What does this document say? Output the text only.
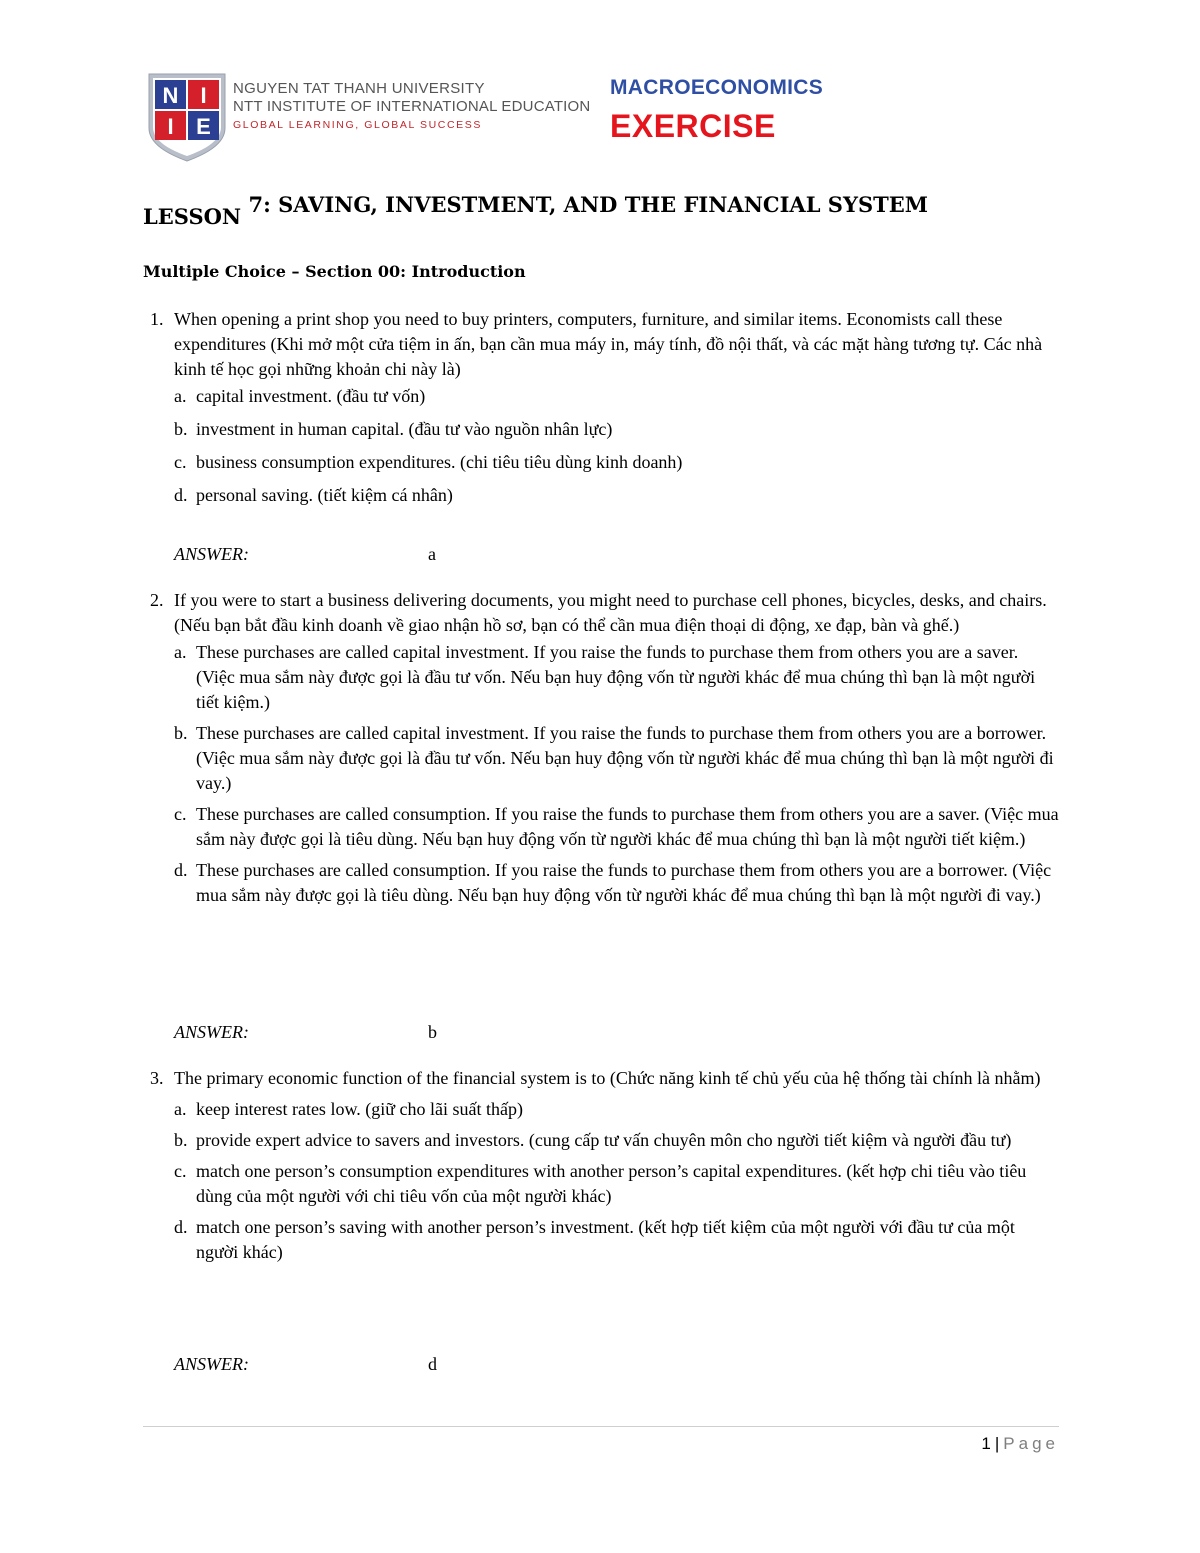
N I
I E
NGUYEN TAT THANH UNIVERSITY
NTT INSTITUTE OF INTERNATIONAL EDUCATION
GLOBAL LEARNING, GLOBAL SUCCESS
MACROECONOMICS
EXERCISE
LESSON 7: SAVING, INVESTMENT, AND THE FINANCIAL SYSTEM
Multiple Choice – Section 00: Introduction
1. When opening a print shop you need to buy printers, computers, furniture, and similar items. Economists call these expenditures (Khi mở một cửa tiệm in ấn, bạn cần mua máy in, máy tính, đồ nội thất, và các mặt hàng tương tự. Các nhà kinh tế học gọi những khoản chi này là)
a. capital investment. (đầu tư vốn)
b. investment in human capital. (đầu tư vào nguồn nhân lực)
c. business consumption expenditures. (chi tiêu tiêu dùng kinh doanh)
d. personal saving. (tiết kiệm cá nhân)
ANSWER:	a
2. If you were to start a business delivering documents, you might need to purchase cell phones, bicycles, desks, and chairs. (Nếu bạn bắt đầu kinh doanh về giao nhận hồ sơ, bạn có thể cần mua điện thoại di động, xe đạp, bàn và ghế.)
a. These purchases are called capital investment. If you raise the funds to purchase them from others you are a saver. (Việc mua sắm này được gọi là đầu tư vốn. Nếu bạn huy động vốn từ người khác để mua chúng thì bạn là một người tiết kiệm.)
b. These purchases are called capital investment. If you raise the funds to purchase them from others you are a borrower. (Việc mua sắm này được gọi là đầu tư vốn. Nếu bạn huy động vốn từ người khác để mua chúng thì bạn là một người đi vay.)
c. These purchases are called consumption. If you raise the funds to purchase them from others you are a saver. (Việc mua sắm này được gọi là tiêu dùng. Nếu bạn huy động vốn từ người khác để mua chúng thì bạn là một người tiết kiệm.)
d. These purchases are called consumption. If you raise the funds to purchase them from others you are a borrower. (Việc mua sắm này được gọi là tiêu dùng. Nếu bạn huy động vốn từ người khác để mua chúng thì bạn là một người đi vay.)
ANSWER:	b
3. The primary economic function of the financial system is to (Chức năng kinh tế chủ yếu của hệ thống tài chính là nhằm)
a. keep interest rates low. (giữ cho lãi suất thấp)
b. provide expert advice to savers and investors. (cung cấp tư vấn chuyên môn cho người tiết kiệm và người đầu tư)
c. match one person’s consumption expenditures with another person’s capital expenditures. (kết hợp chi tiêu vào tiêu dùng của một người với chi tiêu vốn của một người khác)
d. match one person’s saving with another person’s investment. (kết hợp tiết kiệm của một người với đầu tư của một người khác)
ANSWER:	d
1 | Page
